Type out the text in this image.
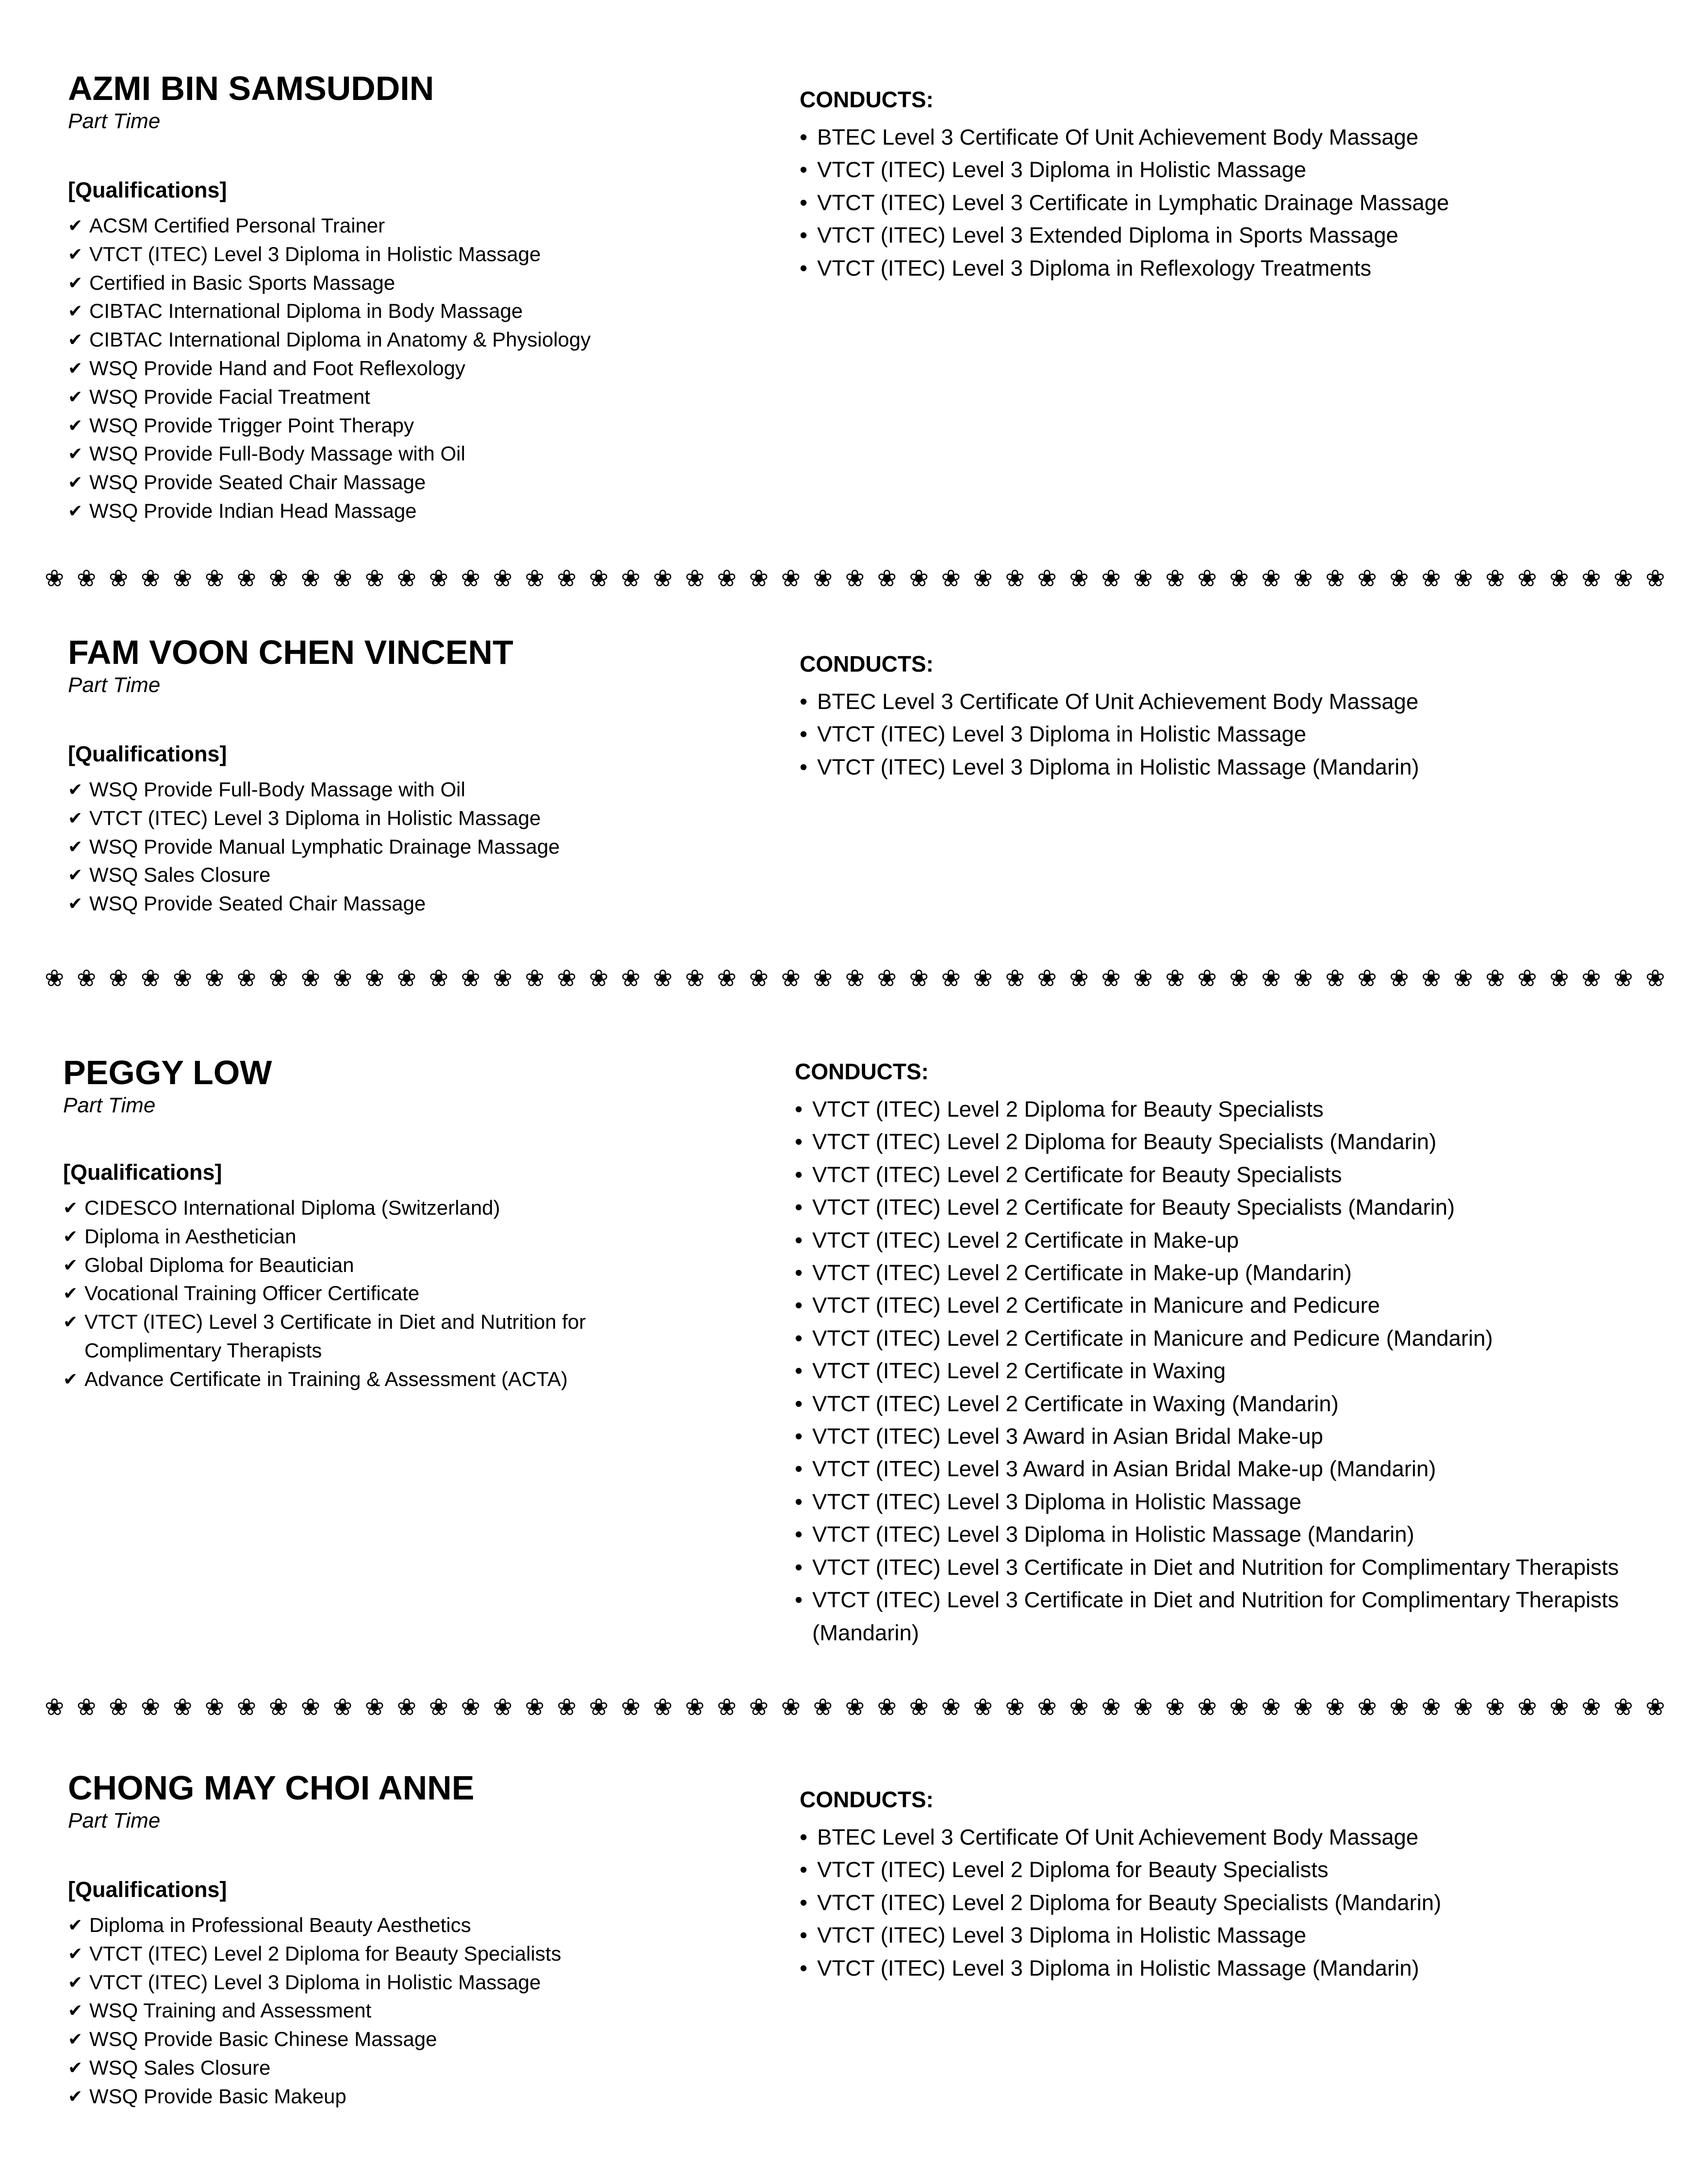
AZMI BIN SAMSUDDIN
Part Time
[Qualifications]
✔ ACSM Certified Personal Trainer
✔ VTCT (ITEC) Level 3 Diploma in Holistic Massage
✔ Certified in Basic Sports Massage
✔ CIBTAC International Diploma in Body Massage
✔ CIBTAC International Diploma in Anatomy & Physiology
✔ WSQ Provide Hand and Foot Reflexology
✔ WSQ Provide Facial Treatment
✔ WSQ Provide Trigger Point Therapy
✔ WSQ Provide Full-Body Massage with Oil
✔ WSQ Provide Seated Chair Massage
✔ WSQ Provide Indian Head Massage
CONDUCTS:
• BTEC Level 3 Certificate Of Unit Achievement Body Massage
• VTCT (ITEC) Level 3 Diploma in Holistic Massage
• VTCT (ITEC) Level 3 Certificate in Lymphatic Drainage Massage
• VTCT (ITEC) Level 3 Extended Diploma in Sports Massage
• VTCT (ITEC) Level 3 Diploma in Reflexology Treatments
❀ ❀ ❀ ❀ ❀ ❀ ❀ ❀ ❀ ❀ ❀ ❀ ❀ ❀ ❀ ❀ ❀ ❀ ❀ ❀ ❀ ❀ ❀ ❀ ❀ ❀ ❀ ❀ ❀ ❀ ❀ ❀ ❀ ❀ ❀ ❀ ❀ ❀ ❀ ❀ ❀ ❀ ❀ ❀ ❀ ❀ ❀ ❀ ❀ ❀ ❀
FAM VOON CHEN VINCENT
Part Time
[Qualifications]
✔ WSQ Provide Full-Body Massage with Oil
✔ VTCT (ITEC) Level 3 Diploma in Holistic Massage
✔ WSQ Provide Manual Lymphatic Drainage Massage
✔ WSQ Sales Closure
✔ WSQ Provide Seated Chair Massage
CONDUCTS:
• BTEC Level 3 Certificate Of Unit Achievement Body Massage
• VTCT (ITEC) Level 3 Diploma in Holistic Massage
• VTCT (ITEC) Level 3 Diploma in Holistic Massage (Mandarin)
❀ ❀ ❀ ❀ ❀ ❀ ❀ ❀ ❀ ❀ ❀ ❀ ❀ ❀ ❀ ❀ ❀ ❀ ❀ ❀ ❀ ❀ ❀ ❀ ❀ ❀ ❀ ❀ ❀ ❀ ❀ ❀ ❀ ❀ ❀ ❀ ❀ ❀ ❀ ❀ ❀ ❀ ❀ ❀ ❀ ❀ ❀ ❀ ❀ ❀ ❀
PEGGY LOW
Part Time
[Qualifications]
✔ CIDESCO International Diploma (Switzerland)
✔ Diploma in Aesthetician
✔ Global Diploma for Beautician
✔ Vocational Training Officer Certificate
✔ VTCT (ITEC) Level 3 Certificate in Diet and Nutrition for Complimentary Therapists
✔ Advance Certificate in Training & Assessment (ACTA)
CONDUCTS:
• VTCT (ITEC) Level 2 Diploma for Beauty Specialists
• VTCT (ITEC) Level 2 Diploma for Beauty Specialists (Mandarin)
• VTCT (ITEC) Level 2 Certificate for Beauty Specialists
• VTCT (ITEC) Level 2 Certificate for Beauty Specialists (Mandarin)
• VTCT (ITEC) Level 2 Certificate in Make-up
• VTCT (ITEC) Level 2 Certificate in Make-up (Mandarin)
• VTCT (ITEC) Level 2 Certificate in Manicure and Pedicure
• VTCT (ITEC) Level 2 Certificate in Manicure and Pedicure (Mandarin)
• VTCT (ITEC) Level 2 Certificate in Waxing
• VTCT (ITEC) Level 2 Certificate in Waxing (Mandarin)
• VTCT (ITEC) Level 3 Award in Asian Bridal Make-up
• VTCT (ITEC) Level 3 Award in Asian Bridal Make-up (Mandarin)
• VTCT (ITEC) Level 3 Diploma in Holistic Massage
• VTCT (ITEC) Level 3 Diploma in Holistic Massage (Mandarin)
• VTCT (ITEC) Level 3 Certificate in Diet and Nutrition for Complimentary Therapists
• VTCT (ITEC) Level 3 Certificate in Diet and Nutrition for Complimentary Therapists (Mandarin)
❀ ❀ ❀ ❀ ❀ ❀ ❀ ❀ ❀ ❀ ❀ ❀ ❀ ❀ ❀ ❀ ❀ ❀ ❀ ❀ ❀ ❀ ❀ ❀ ❀ ❀ ❀ ❀ ❀ ❀ ❀ ❀ ❀ ❀ ❀ ❀ ❀ ❀ ❀ ❀ ❀ ❀ ❀ ❀ ❀ ❀ ❀ ❀ ❀ ❀ ❀
CHONG MAY CHOI ANNE
Part Time
[Qualifications]
✔ Diploma in Professional Beauty Aesthetics
✔ VTCT (ITEC) Level 2 Diploma for Beauty Specialists
✔ VTCT (ITEC) Level 3 Diploma in Holistic Massage
✔ WSQ Training and Assessment
✔ WSQ Provide Basic Chinese Massage
✔ WSQ Sales Closure
✔ WSQ Provide Basic Makeup
CONDUCTS:
• BTEC Level 3 Certificate Of Unit Achievement Body Massage
• VTCT (ITEC) Level 2 Diploma for Beauty Specialists
• VTCT (ITEC) Level 2 Diploma for Beauty Specialists (Mandarin)
• VTCT (ITEC) Level 3 Diploma in Holistic Massage
• VTCT (ITEC) Level 3 Diploma in Holistic Massage (Mandarin)
